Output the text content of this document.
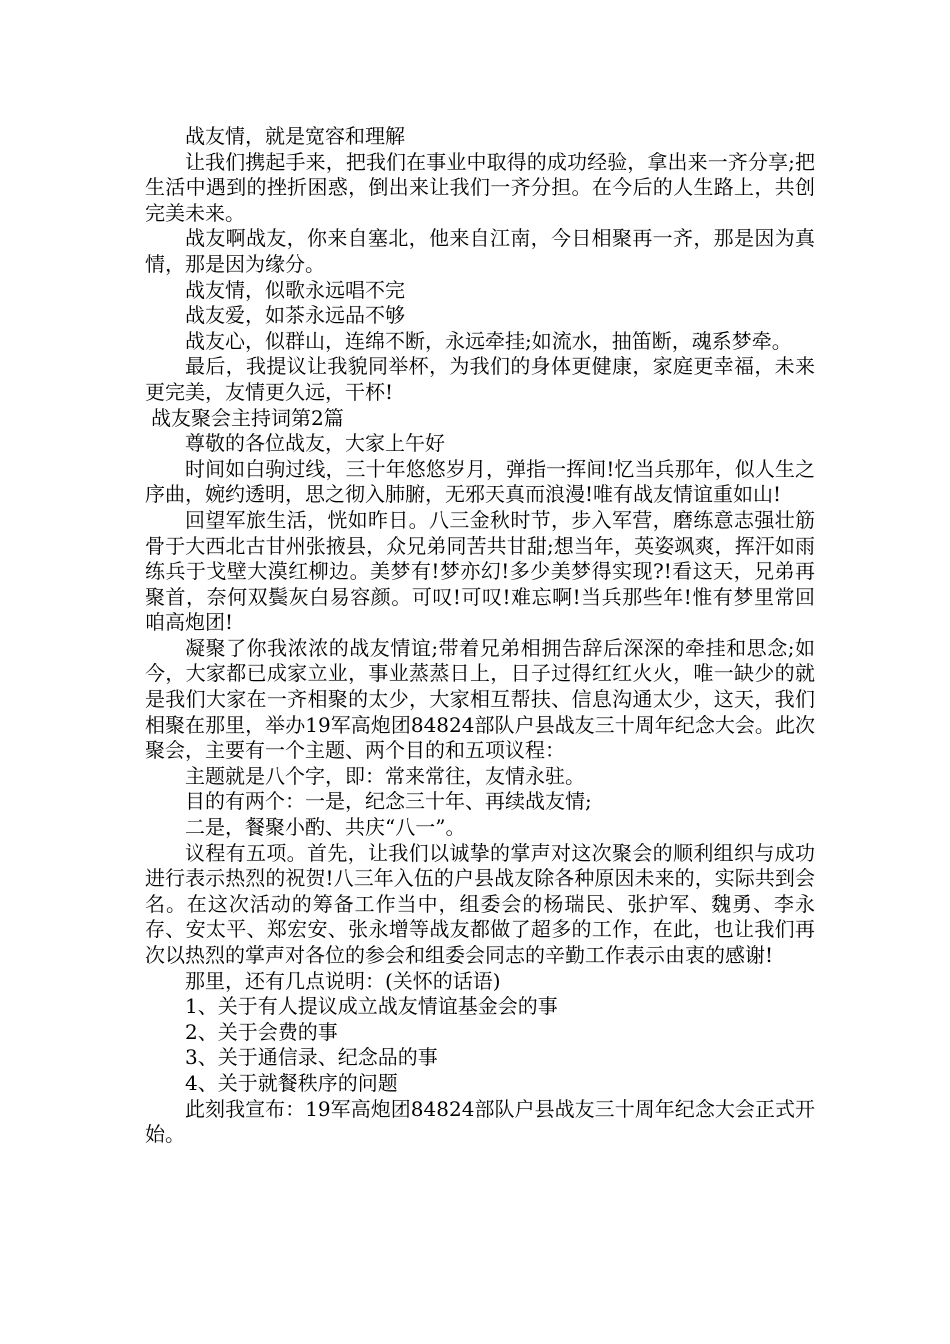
战友情，就是宽容和理解

让我们携起手来，把我们在事业中取得的成功经验，拿出来一齐分享;把生活中遇到的挫折困惑，倒出来让我们一齐分担。在今后的人生路上，共创完美未来。

战友啊战友，你来自塞北，他来自江南，今日相聚再一齐，那是因为真情，那是因为缘分。

战友情，似歌永远唱不完

战友爱，如茶永远品不够

战友心，似群山，连绵不断，永远牵挂;如流水，抽笛断，魂系梦牵。

最后，我提议让我貌同举杯，为我们的身体更健康，家庭更幸福，未来更完美，友情更久远，干杯!

战友聚会主持词第2篇

尊敬的各位战友，大家上午好

时间如白驹过线，三十年悠悠岁月，弹指一挥间!忆当兵那年，似人生之序曲，婉约透明，思之彻入肺腑，无邪天真而浪漫!唯有战友情谊重如山!

回望军旅生活，恍如昨日。八三金秋时节，步入军营，磨练意志强壮筋骨于大西北古甘州张掖县，众兄弟同苦共甘甜;想当年，英姿飒爽，挥汗如雨练兵于戈壁大漠红柳边。美梦有!梦亦幻!多少美梦得实现?!看这天，兄弟再聚首，奈何双鬓灰白易容颜。可叹!可叹!难忘啊!当兵那些年!惟有梦里常回咱高炮团!

凝聚了你我浓浓的战友情谊;带着兄弟相拥告辞后深深的牵挂和思念;如今，大家都已成家立业，事业蒸蒸日上，日子过得红红火火，唯一缺少的就是我们大家在一齐相聚的太少，大家相互帮扶、信息沟通太少，这天，我们相聚在那里，举办19军高炮团84824部队户县战友三十周年纪念大会。此次聚会，主要有一个主题、两个目的和五项议程：

主题就是八个字，即：常来常往，友情永驻。

目的有两个：一是，纪念三十年、再续战友情;

二是，餐聚小酌、共庆“八一”。

议程有五项。首先，让我们以诚挚的掌声对这次聚会的顺利组织与成功进行表示热烈的祝贺!八三年入伍的户县战友除各种原因未来的，实际共到会名。在这次活动的筹备工作当中，组委会的杨瑞民、张护军、魏勇、李永存、安太平、郑宏安、张永增等战友都做了超多的工作，在此，也让我们再次以热烈的掌声对各位的参会和组委会同志的辛勤工作表示由衷的感谢!

那里，还有几点说明：(关怀的话语)

1、关于有人提议成立战友情谊基金会的事

2、关于会费的事

3、关于通信录、纪念品的事

4、关于就餐秩序的问题

此刻我宣布：19军高炮团84824部队户县战友三十周年纪念大会正式开始。
